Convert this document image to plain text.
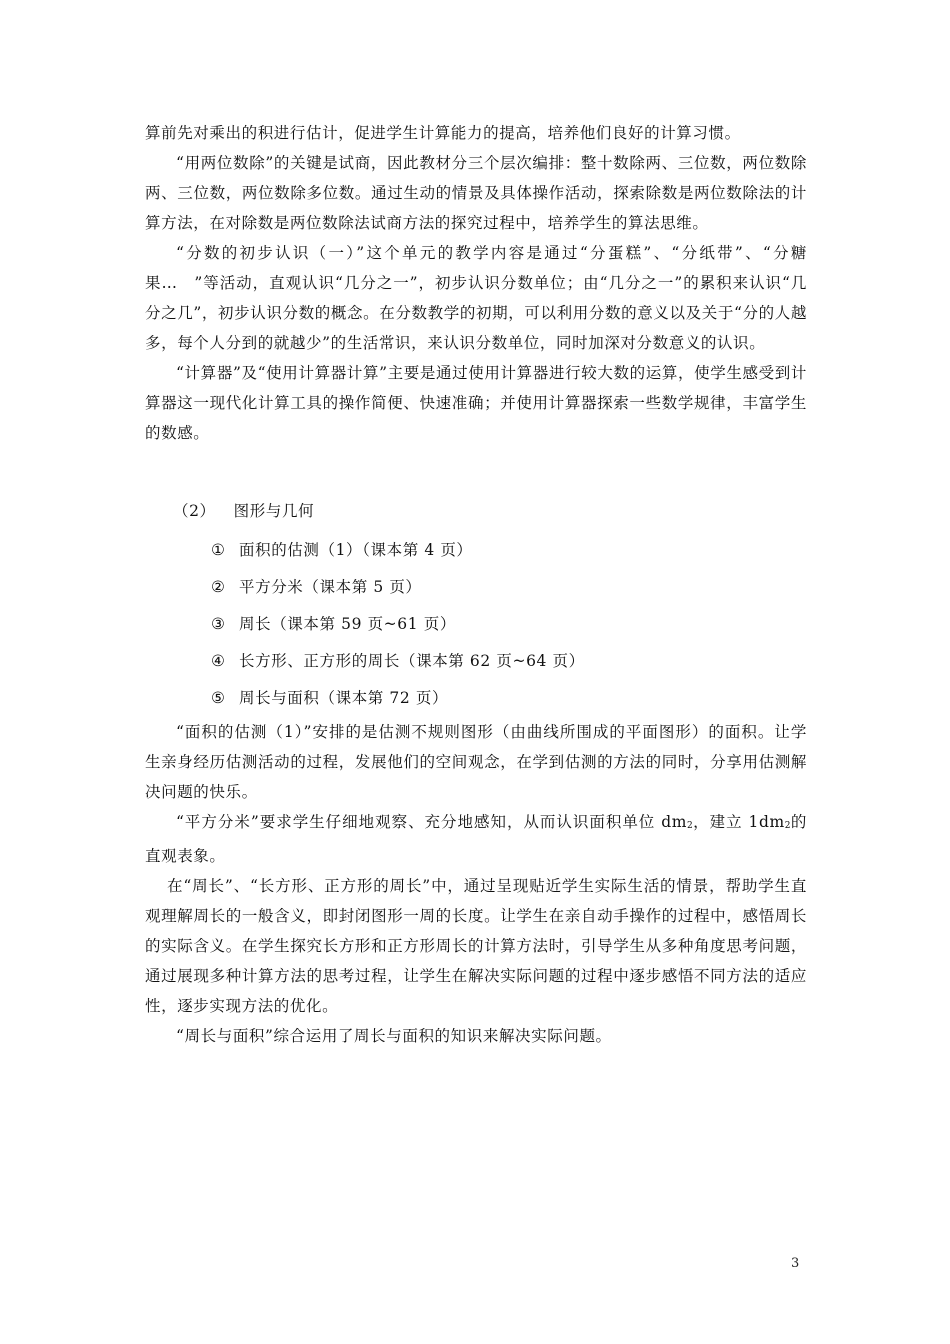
算前先对乘出的积进行估计，促进学生计算能力的提高，培养他们良好的计算习惯。

“用两位数除”的关键是试商，因此教材分三个层次编排：整十数除两、三位数，两位数除两、三位数，两位数除多位数。通过生动的情景及具体操作活动，探索除数是两位数除法的计算方法，在对除数是两位数除法试商方法的探究过程中，培养学生的算法思维。

“分数的初步认识（一）”这个单元的教学内容是通过“分蛋糕”、“分纸带”、“分糖果…　”等活动，直观认识“几分之一”，初步认识分数单位；由“几分之一”的累积来认识“几分之几”，初步认识分数的概念。在分数教学的初期，可以利用分数的意义以及关于“分的人越多，每个人分到的就越少”的生活常识，来认识分数单位，同时加深对分数意义的认识。

“计算器”及“使用计算器计算”主要是通过使用计算器进行较大数的运算，使学生感受到计算器这一现代化计算工具的操作简便、快速准确；并使用计算器探索一些数学规律，丰富学生的数感。

（2） 图形与几何
① 面积的估测（1）（课本第 4 页）
② 平方分米（课本第 5 页）
③ 周长（课本第 59 页~61 页）
④ 长方形、正方形的周长（课本第 62 页~64 页）
⑤ 周长与面积（课本第 72 页）

“面积的估测（1）”安排的是估测不规则图形（由曲线所围成的平面图形）的面积。让学生亲身经历估测活动的过程，发展他们的空间观念，在学到估测的方法的同时，分享用估测解决问题的快乐。

“平方分米”要求学生仔细地观察、充分地感知，从而认识面积单位 dm2，建立 1dm2的直观表象。

在“周长”、“长方形、正方形的周长”中，通过呈现贴近学生实际生活的情景，帮助学生直观理解周长的一般含义，即封闭图形一周的长度。让学生在亲自动手操作的过程中，感悟周长的实际含义。在学生探究长方形和正方形周长的计算方法时，引导学生从多种角度思考问题，通过展现多种计算方法的思考过程，让学生在解决实际问题的过程中逐步感悟不同方法的适应性，逐步实现方法的优化。

“周长与面积”综合运用了周长与面积的知识来解决实际问题。

3
